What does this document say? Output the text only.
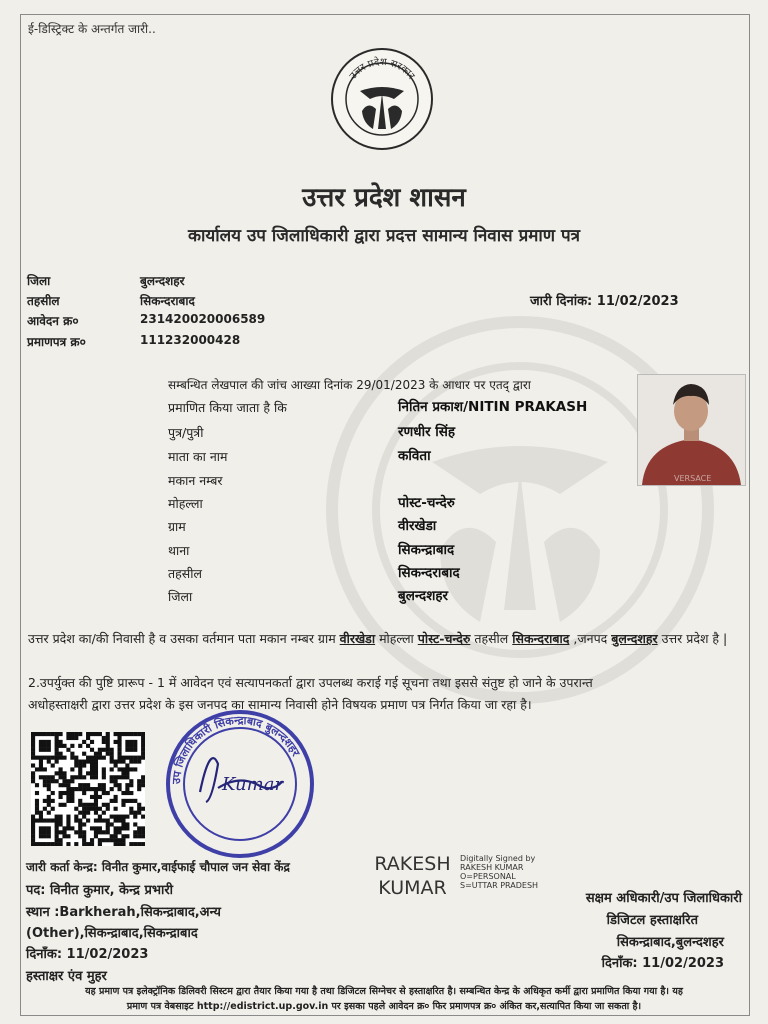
ई-डिस्ट्रिक्ट के अन्तर्गत जारी..
उत्तर प्रदेश सरकार
उत्तर प्रदेश शासन
कार्यालय उप जिलाधिकारी द्वारा प्रदत्त सामान्य निवास प्रमाण पत्र
जिला	बुलन्दशहर
तहसील	सिकन्दराबाद
आवेदन क्र०	231420020006589
प्रमाणपत्र क्र०	111232000428
जारी दिनांक: 11/02/2023
सम्बन्धित लेखपाल की जांच आख्या दिनांक 29/01/2023 के आधार पर एतद् द्वारा
प्रमाणित किया जाता है कि	नितिन प्रकाश/NITIN PRAKASH
पुत्र/पुत्री	रणधीर सिंह
माता का नाम	कविता
मकान नम्बर
मोहल्ला	पोस्ट-चन्देरु
ग्राम	वीरखेडा
थाना	सिकन्द्राबाद
तहसील	सिकन्दराबाद
जिला	बुलन्दशहर
VERSACE
उत्तर प्रदेश का/की निवासी है व उसका वर्तमान पता मकान नम्बर ग्राम वीरखेडा मोहल्ला पोस्ट-चन्देरु तहसील सिकन्दराबाद ,जनपद बुलन्दशहर उत्तर प्रदेश है |
2.उपर्युक्त की पुष्टि प्रारूप - 1 में आवेदन एवं सत्यापनकर्ता द्वारा उपलब्ध कराई गई सूचना तथा इससे संतुष्ट हो जाने के उपरान्त
अधोहस्ताक्षरी द्वारा उत्तर प्रदेश के इस जनपद का सामान्य निवासी होने विषयक प्रमाण पत्र निर्गत किया जा रहा है।
उप जिलाधिकारी सिकन्द्राबाद बुलन्दशहर
Kumar
RAKESH
KUMAR
Digitally Signed by
RAKESH KUMAR
O=PERSONAL
S=UTTAR PRADESH
जारी कर्ता केन्द्र: विनीत कुमार,वाईफाई चौपाल जन सेवा केंद्र
पद: विनीत कुमार, केन्द्र प्रभारी
स्थान :Barkherah,सिकन्द्राबाद,अन्य
(Other),सिकन्द्राबाद,सिकन्द्राबाद
दिनाँक: 11/02/2023
हस्ताक्षर एंव मुहर
सक्षम अधिकारी/उप जिलाधिकारी
डिजिटल हस्ताक्षरित
सिकन्द्राबाद,बुलन्दशहर
दिनाँक: 11/02/2023
यह प्रमाण पत्र इलेक्ट्रॉनिक डिलिवरी सिस्टम द्वारा तैयार किया गया है तथा डिजिटल सिग्नेचर से हस्ताक्षरित है। सम्बन्धित केन्द्र के अधिकृत कर्मी द्वारा प्रमाणित किया गया है। यह
प्रमाण पत्र वेबसाइट http://edistrict.up.gov.in पर इसका पहले आवेदन क्र० फिर प्रमाणपत्र क्र० अंकित कर,सत्यापित किया जा सकता है।
